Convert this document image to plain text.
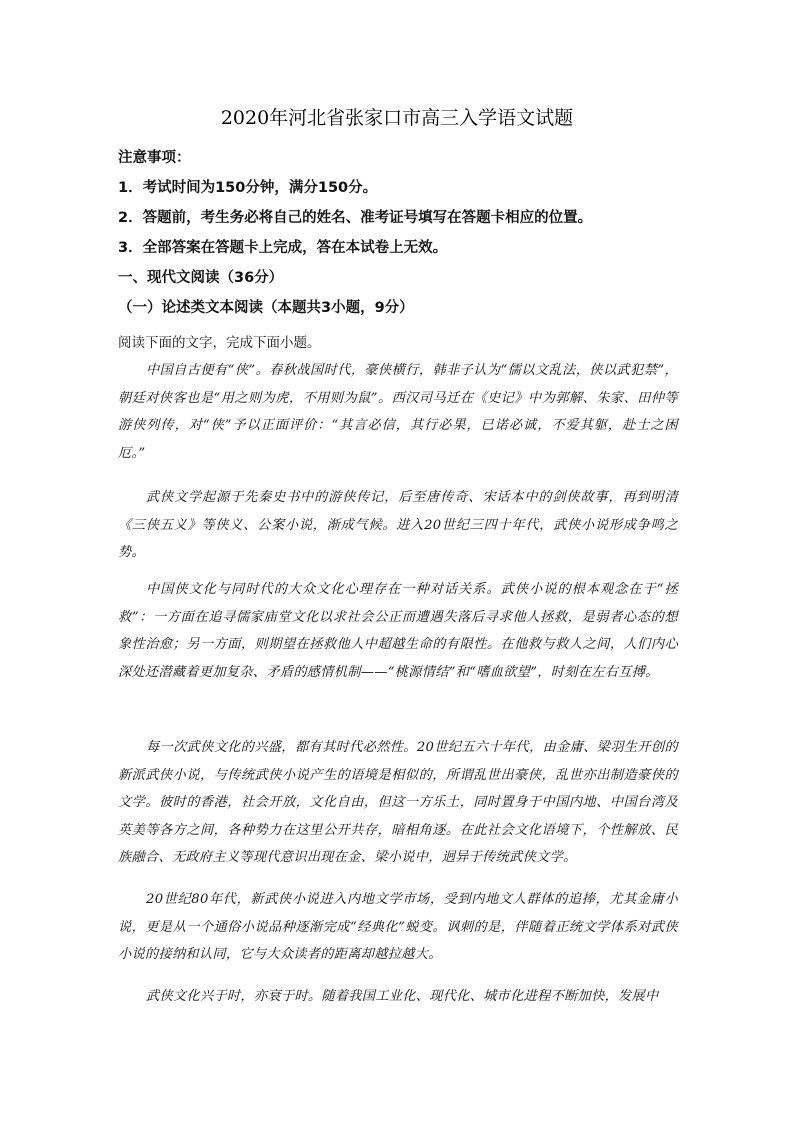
2020年河北省张家口市高三入学语文试题
注意事项：
1．考试时间为150分钟，满分150分。
2．答题前，考生务必将自己的姓名、准考证号填写在答题卡相应的位置。
3．全部答案在答题卡上完成，答在本试卷上无效。
一、现代文阅读（36分）
（一）论述类文本阅读（本题共3小题，9分）
阅读下面的文字，完成下面小题。
中国自古便有“侠”。春秋战国时代，豪侠横行，韩非子认为“儒以文乱法，侠以武犯禁”，朝廷对侠客也是“用之则为虎，不用则为鼠”。西汉司马迁在《史记》中为郭解、朱家、田仲等游侠列传，对“侠”予以正面评价：“其言必信，其行必果，已诺必诚，不爱其躯，赴士之困厄。”
武侠文学起源于先秦史书中的游侠传记，后至唐传奇、宋话本中的剑侠故事，再到明清《三侠五义》等侠义、公案小说，渐成气候。进入20世纪三四十年代，武侠小说形成争鸣之势。
中国侠文化与同时代的大众文化心理存在一种对话关系。武侠小说的根本观念在于“拯救”：一方面在追寻儒家庙堂文化以求社会公正而遭遇失落后寻求他人拯救，是弱者心态的想象性治愈；另一方面，则期望在拯救他人中超越生命的有限性。在他救与救人之间，人们内心深处还潜藏着更加复杂、矛盾的感情机制——“桃源情结”和“嗜血欲望”，时刻在左右互搏。
每一次武侠文化的兴盛，都有其时代必然性。20世纪五六十年代，由金庸、梁羽生开创的新派武侠小说，与传统武侠小说产生的语境是相似的，所谓乱世出豪侠，乱世亦出制造豪侠的文学。彼时的香港，社会开放，文化自由，但这一方乐土，同时置身于中国内地、中国台湾及英美等各方之间，各种势力在这里公开共存，暗相角逐。在此社会文化语境下，个性解放、民族融合、无政府主义等现代意识出现在金、梁小说中，迥异于传统武侠文学。
20世纪80年代，新武侠小说进入内地文学市场，受到内地文人群体的追捧，尤其金庸小说，更是从一个通俗小说品种逐渐完成“经典化”蜕变。讽刺的是，伴随着正统文学体系对武侠小说的接纳和认同，它与大众读者的距离却越拉越大。
武侠文化兴于时，亦衰于时。随着我国工业化、现代化、城市化进程不断加快，发展中
